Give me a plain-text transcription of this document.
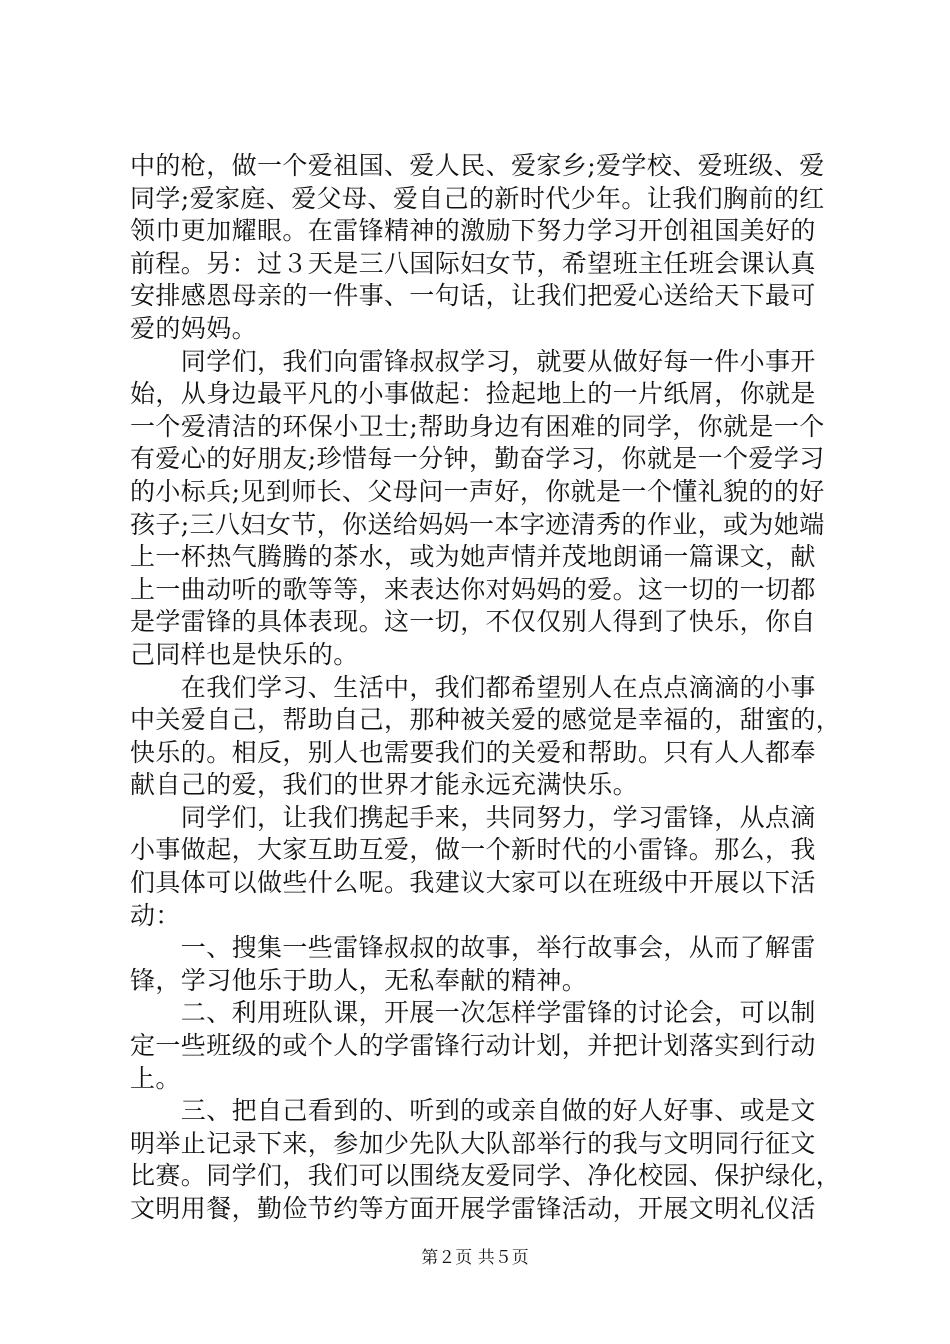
中的枪，做一个爱祖国、爱人民、爱家乡;爱学校、爱班级、爱
同学;爱家庭、爱父母、爱自己的新时代少年。让我们胸前的红
领巾更加耀眼。在雷锋精神的激励下努力学习开创祖国美好的
前程。另：过３天是三八国际妇女节，希望班主任班会课认真
安排感恩母亲的一件事、一句话，让我们把爱心送给天下最可
爱的妈妈。
　　同学们，我们向雷锋叔叔学习，就要从做好每一件小事开
始，从身边最平凡的小事做起：捡起地上的一片纸屑，你就是
一个爱清洁的环保小卫士;帮助身边有困难的同学，你就是一个
有爱心的好朋友;珍惜每一分钟，勤奋学习，你就是一个爱学习
的小标兵;见到师长、父母问一声好，你就是一个懂礼貌的的好
孩子;三八妇女节，你送给妈妈一本字迹清秀的作业，或为她端
上一杯热气腾腾的茶水，或为她声情并茂地朗诵一篇课文，献
上一曲动听的歌等等，来表达你对妈妈的爱。这一切的一切都
是学雷锋的具体表现。这一切，不仅仅别人得到了快乐，你自
己同样也是快乐的。
　　在我们学习、生活中，我们都希望别人在点点滴滴的小事
中关爱自己，帮助自己，那种被关爱的感觉是幸福的，甜蜜的，
快乐的。相反，别人也需要我们的关爱和帮助。只有人人都奉
献自己的爱，我们的世界才能永远充满快乐。
　　同学们，让我们携起手来，共同努力，学习雷锋，从点滴
小事做起，大家互助互爱，做一个新时代的小雷锋。那么，我
们具体可以做些什么呢。我建议大家可以在班级中开展以下活
动：
　　一、搜集一些雷锋叔叔的故事，举行故事会，从而了解雷
锋，学习他乐于助人，无私奉献的精神。
　　二、利用班队课，开展一次怎样学雷锋的讨论会，可以制
定一些班级的或个人的学雷锋行动计划，并把计划落实到行动
上。
　　三、把自己看到的、听到的或亲自做的好人好事、或是文
明举止记录下来，参加少先队大队部举行的我与文明同行征文
比赛。同学们，我们可以围绕友爱同学、净化校园、保护绿化，
文明用餐，勤俭节约等方面开展学雷锋活动，开展文明礼仪活
第２页 共５页
